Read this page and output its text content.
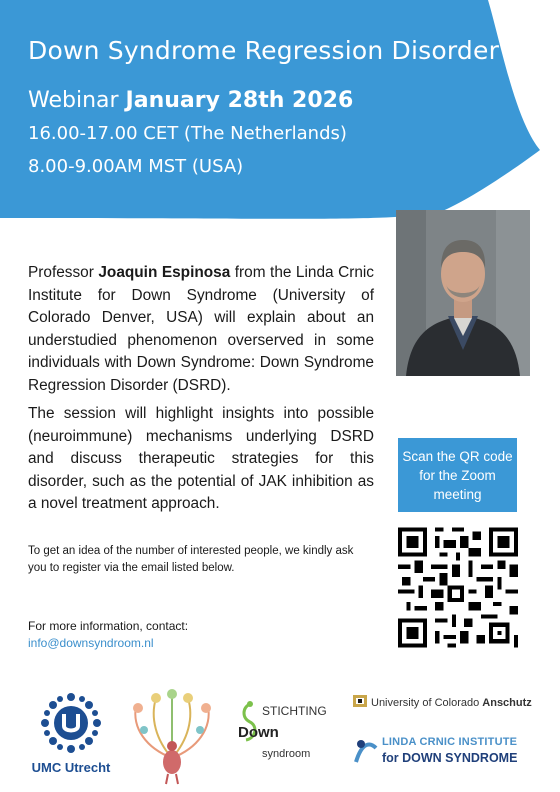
Down Syndrome Regression Disorder
Webinar January 28th 2026
16.00-17.00 CET (The Netherlands)
8.00-9.00AM MST (USA)
Professor Joaquin Espinosa from the Linda Crnic Institute for Down Syndrome (University of Colorado Denver, USA) will explain about an understudied phenomenon overserved in some individuals with Down Syndrome: Down Syndrome Regression Disorder (DSRD).
The session will highlight insights into possible (neuroimmune) mechanisms underlying DSRD and discuss therapeutic strategies for this disorder, such as the potential of JAK inhibition as a novel treatment approach.
Scan the QR code for the Zoom meeting
To get an idea of the number of interested people, we kindly ask you to register via the email listed below.
For more information, contact:
info@downsyndroom.nl
UMC Utrecht
STICHTING
Down
syndroom
University of Colorado Anschutz
LINDA CRNIC INSTITUTE
for DOWN SYNDROME
